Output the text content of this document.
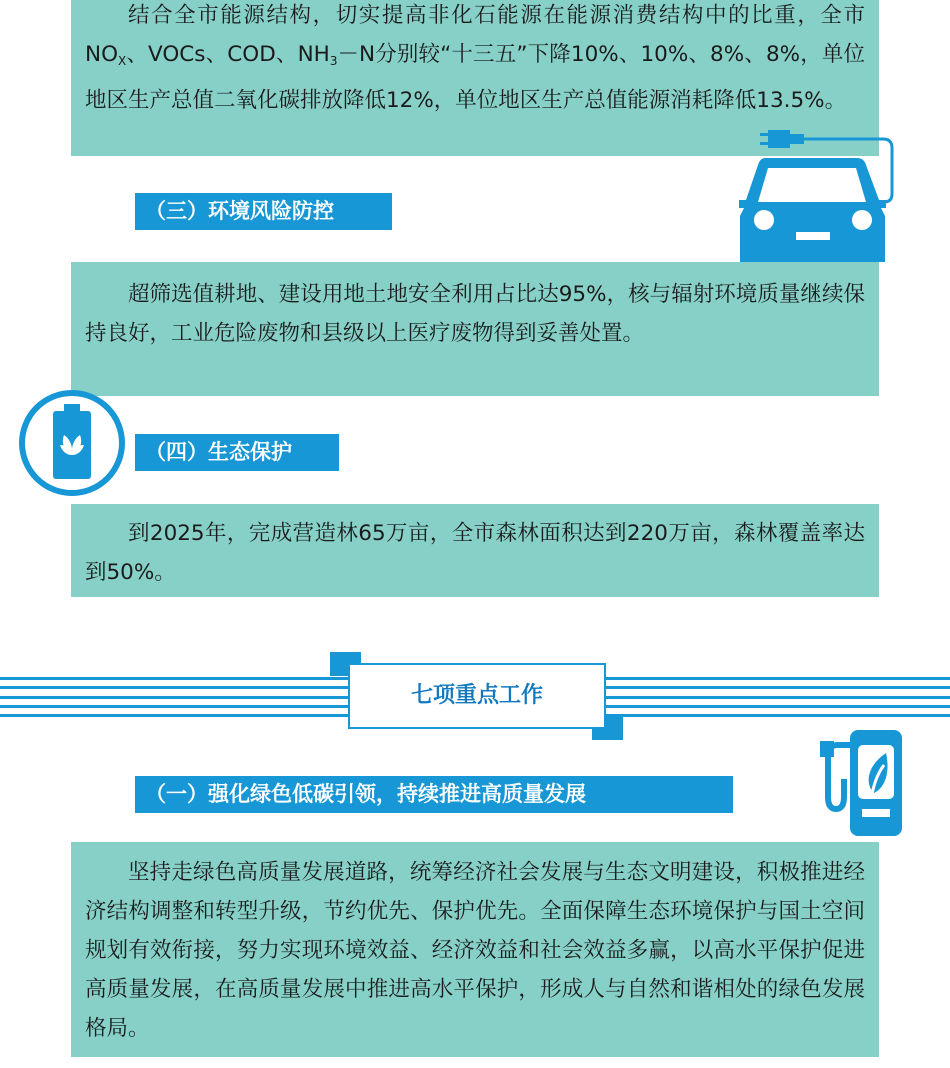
结合全市能源结构，切实提高非化石能源在能源消费结构中的比重，全市$NO_X$、VOCs、COD、$NH_3-N$分别较“十三五”下降10%、10%、8%、8%，单位地区生产总值二氧化碳排放降低12%，单位地区生产总值能源消耗降低13.5%。

（三）环境风险防控

超筛选值耕地、建设用地土地安全利用占比达95%，核与辐射环境质量继续保持良好，工业危险废物和县级以上医疗废物得到妥善处置。

（四）生态保护

到2025年，完成营造林65万亩，全市森林面积达到220万亩，森林覆盖率达到50%。

七项重点工作
（一）强化绿色低碳引领，持续推进高质量发展

坚持走绿色高质量发展道路，统筹经济社会发展与生态文明建设，积极推进经济结构调整和转型升级，节约优先、保护优先。全面保障生态环境保护与国土空间规划有效衔接，努力实现环境效益、经济效益和社会效益多赢，以高水平保护促进高质量发展，在高质量发展中推进高水平保护，形成人与自然和谐相处的绿色发展格局。
